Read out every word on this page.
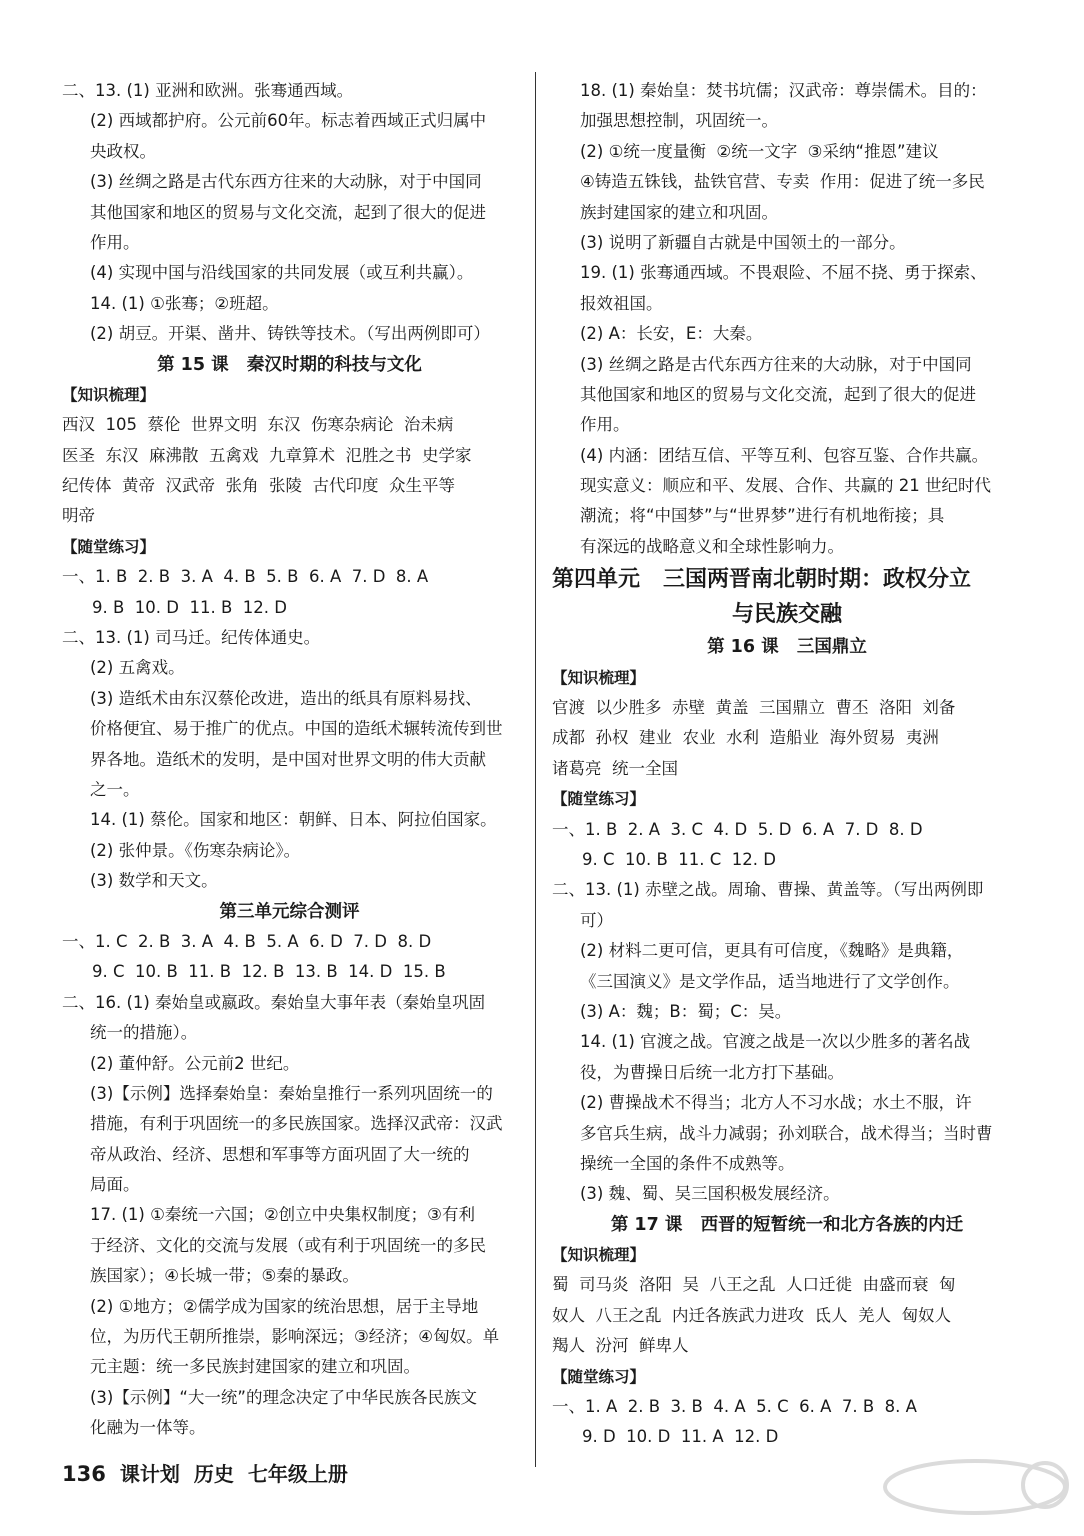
二、13. (1) 亚洲和欧洲。张骞通西域。
(2) 西域都护府。公元前60年。标志着西域正式归属中
央政权。
(3) 丝绸之路是古代东西方往来的大动脉，对于中国同
其他国家和地区的贸易与文化交流，起到了很大的促进
作用。
(4) 实现中国与沿线国家的共同发展（或互利共赢）。
14. (1) ①张骞；②班超。
(2) 胡豆。开渠、凿井、铸铁等技术。（写出两例即可）
第 15 课   秦汉时期的科技与文化
【知识梳理】
西汉  105  蔡伦  世界文明  东汉  伤寒杂病论  治未病
医圣  东汉  麻沸散  五禽戏  九章算术  氾胜之书  史学家
纪传体  黄帝  汉武帝  张角  张陵  古代印度  众生平等
明帝
【随堂练习】
一、1. B  2. B  3. A  4. B  5. B  6. A  7. D  8. A
9. B  10. D  11. B  12. D
二、13. (1) 司马迁。纪传体通史。
(2) 五禽戏。
(3) 造纸术由东汉蔡伦改进，造出的纸具有原料易找、
价格便宜、易于推广的优点。中国的造纸术辗转流传到世
界各地。造纸术的发明，是中国对世界文明的伟大贡献
之一。
14. (1) 蔡伦。国家和地区：朝鲜、日本、阿拉伯国家。
(2) 张仲景。《伤寒杂病论》。
(3) 数学和天文。
第三单元综合测评
一、1. C  2. B  3. A  4. B  5. A  6. D  7. D  8. D
9. C  10. B  11. B  12. B  13. B  14. D  15. B
二、16. (1) 秦始皇或嬴政。秦始皇大事年表（秦始皇巩固
统一的措施）。
(2) 董仲舒。公元前2 世纪。
(3)【示例】选择秦始皇：秦始皇推行一系列巩固统一的
措施，有利于巩固统一的多民族国家。选择汉武帝：汉武
帝从政治、经济、思想和军事等方面巩固了大一统的
局面。
17. (1) ①秦统一六国；②创立中央集权制度；③有利
于经济、文化的交流与发展（或有利于巩固统一的多民
族国家）；④长城一带；⑤秦的暴政。
(2) ①地方；②儒学成为国家的统治思想，居于主导地
位，为历代王朝所推崇，影响深远；③经济；④匈奴。单
元主题：统一多民族封建国家的建立和巩固。
(3)【示例】“大一统”的理念决定了中华民族各民族文
化融为一体等。
18. (1) 秦始皇：焚书坑儒；汉武帝：尊崇儒术。目的：
加强思想控制，巩固统一。
(2) ①统一度量衡  ②统一文字  ③采纳“推恩”建议
④铸造五铢钱，盐铁官营、专卖  作用：促进了统一多民
族封建国家的建立和巩固。
(3) 说明了新疆自古就是中国领土的一部分。
19. (1) 张骞通西域。不畏艰险、不屈不挠、勇于探索、
报效祖国。
(2) A：长安，E：大秦。
(3) 丝绸之路是古代东西方往来的大动脉，对于中国同
其他国家和地区的贸易与文化交流，起到了很大的促进
作用。
(4) 内涵：团结互信、平等互利、包容互鉴、合作共赢。
现实意义：顺应和平、发展、合作、共赢的 21 世纪时代
潮流；将“中国梦”与“世界梦”进行有机地衔接；具
有深远的战略意义和全球性影响力。
第四单元   三国两晋南北朝时期：政权分立
与民族交融
第 16 课   三国鼎立
【知识梳理】
官渡  以少胜多  赤壁  黄盖  三国鼎立  曹丕  洛阳  刘备
成都  孙权  建业  农业  水利  造船业  海外贸易  夷洲
诸葛亮  统一全国
【随堂练习】
一、1. B  2. A  3. C  4. D  5. D  6. A  7. D  8. D
9. C  10. B  11. C  12. D
二、13. (1) 赤壁之战。周瑜、曹操、黄盖等。（写出两例即
可）
(2) 材料二更可信，更具有可信度，《魏略》是典籍，
《三国演义》是文学作品，适当地进行了文学创作。
(3) A：魏；B：蜀；C：吴。
14. (1) 官渡之战。官渡之战是一次以少胜多的著名战
役，为曹操日后统一北方打下基础。
(2) 曹操战术不得当；北方人不习水战；水土不服，许
多官兵生病，战斗力减弱；孙刘联合，战术得当；当时曹
操统一全国的条件不成熟等。
(3) 魏、蜀、吴三国积极发展经济。
第 17 课   西晋的短暂统一和北方各族的内迁
【知识梳理】
蜀  司马炎  洛阳  吴  八王之乱  人口迁徙  由盛而衰  匈
奴人  八王之乱  内迁各族武力进攻  氐人  羌人  匈奴人
羯人  汾河  鲜卑人
【随堂练习】
一、1. A  2. B  3. B  4. A  5. C  6. A  7. B  8. A
9. D  10. D  11. A  12. D
136 课计划 历史 七年级上册
